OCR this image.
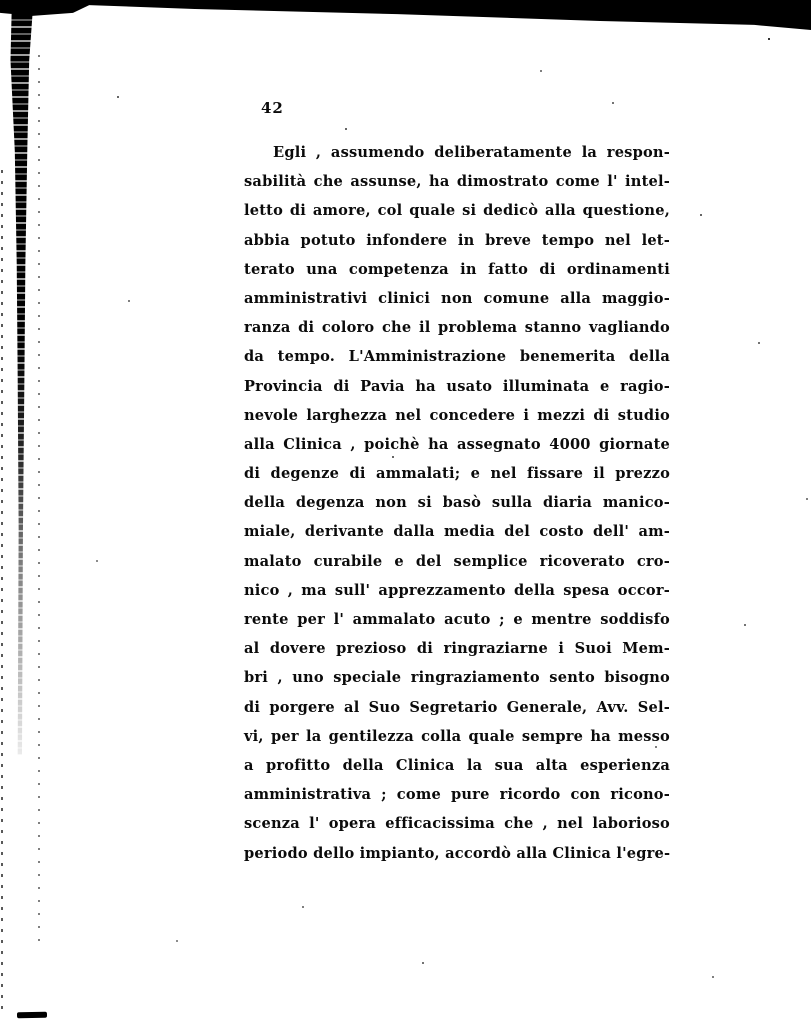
42
Egli , assumendo deliberatamente la respon-
sabilità che assunse, ha dimostrato come l' intel-
letto di amore, col quale si dedicò alla questione,
abbia potuto infondere in breve tempo nel let-
terato una competenza in fatto di ordinamenti
amministrativi clinici non comune alla maggio-
ranza di coloro che il problema stanno vagliando
da tempo. L'Amministrazione benemerita della
Provincia di Pavia ha usato illuminata e ragio-
nevole larghezza nel concedere i mezzi di studio
alla Clinica , poichè ha assegnato 4000 giornate
di degenze di ammalati; e nel fissare il prezzo
della degenza non si basò sulla diaria manico-
miale, derivante dalla media del costo dell' am-
malato curabile e del semplice ricoverato cro-
nico , ma sull' apprezzamento della spesa occor-
rente per l' ammalato acuto ; e mentre soddisfo
al dovere prezioso di ringraziarne i Suoi Mem-
bri , uno speciale ringraziamento sento bisogno
di porgere al Suo Segretario Generale, Avv. Sel-
vi, per la gentilezza colla quale sempre ha messo
a profitto della Clinica la sua alta esperienza
amministrativa ; come pure ricordo con ricono-
scenza l' opera efficacissima che , nel laborioso
periodo dello impianto, accordò alla Clinica l'egre-
